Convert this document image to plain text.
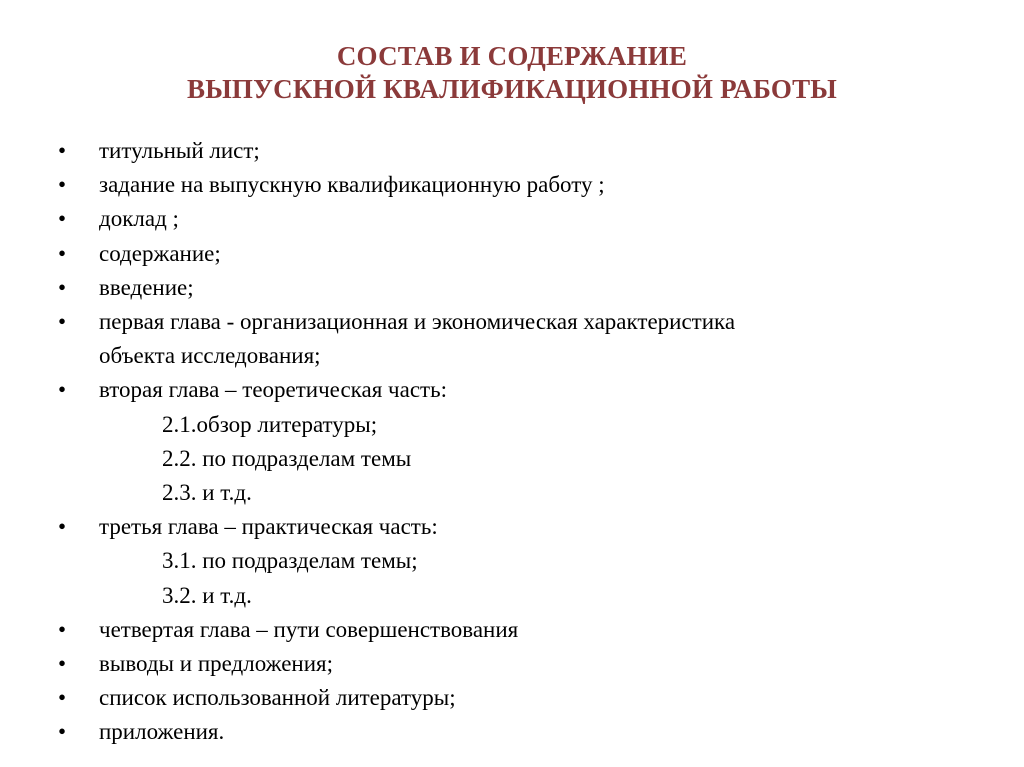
СОСТАВ И СОДЕРЖАНИЕ
ВЫПУСКНОЙ КВАЛИФИКАЦИОННОЙ РАБОТЫ
•	титульный лист;
•	задание на выпускную квалификационную работу ;
•	доклад ;
•	содержание;
•	введение;
•	первая глава - организационная и экономическая характеристика
объекта исследования;
•	вторая глава – теоретическая часть:
2.1.обзор литературы;
2.2. по подразделам темы
2.3. и т.д.
•	третья глава – практическая часть:
3.1. по подразделам темы;
3.2. и т.д.
•	четвертая глава – пути совершенствования
•	выводы и предложения;
•	список использованной литературы;
•	приложения.
